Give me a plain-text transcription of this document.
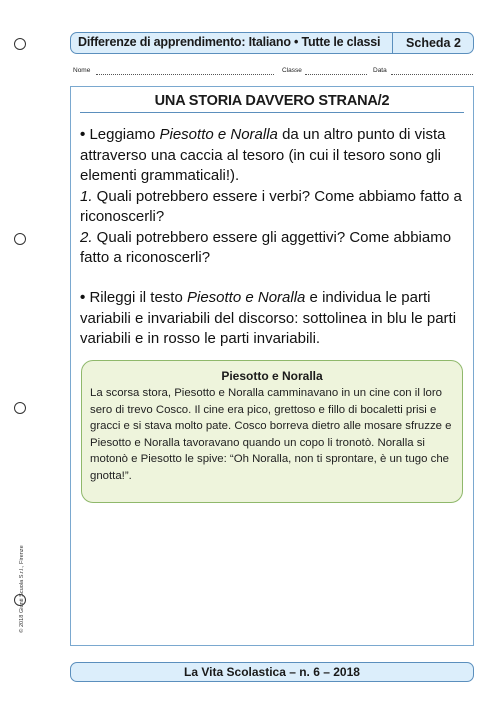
Differenze di apprendimento: Italiano • Tutte le classi	Scheda 2
Nome	Classe	Data
UNA STORIA DAVVERO STRANA/2
• Leggiamo Piesotto e Noralla da un altro punto di vista attraverso una caccia al tesoro (in cui il tesoro sono gli elementi grammaticali!).
1. Quali potrebbero essere i verbi? Come abbiamo fatto a riconoscerli?
2. Quali potrebbero essere gli aggettivi? Come abbiamo fatto a riconoscerli?
• Rileggi il testo Piesotto e Noralla e individua le parti variabili e invariabili del discorso: sottolinea in blu le parti variabili e in rosso le parti invariabili.
Piesotto e Noralla
La scorsa stora, Piesotto e Noralla camminavano in un cine con il loro sero di trevo Cosco. Il cine era pico, grettoso e fillo di bocaletti prisi e gracci e si stava molto pate. Cosco borreva dietro alle mosare sfruzze e Piesotto e Noralla tavoravano quando un copo li tronotò. Noralla si motonò e Piesotto le spive: “Oh Noralla, non ti sprontare, è un tugo che gnotta!”.
© 2018 Giunti Scuola S.r.l., Firenze
La Vita Scolastica – n. 6 – 2018
